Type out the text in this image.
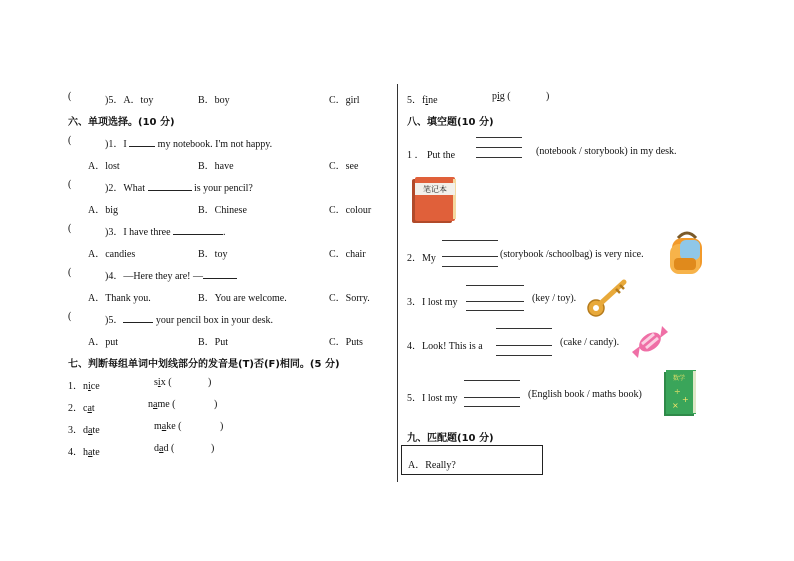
(	)5．A．toy	B．boy	C．girl
六、单项选择。(10 分)
(	)1．I	my notebook. I'm not happy.
A．lost	B．have	C．see
(	)2．What	is your pencil?
A．big	B．Chinese	C．colour
(	)3．I have three	.
A．candies	B．toy	C．chair
(	)4．—Here they are! —
A．Thank you.	B．You are welcome.	C．Sorry.
(	)5．	your pencil box in your desk.
A．put	B．Put	C．Puts
七、判断每组单词中划线部分的发音是(T)否(F)相同。(5 分)
1．nice	six (	)
2．cat	name (	)
3．date	make (	)
4．hate	dad (	)
5．fine	pig (	)
八、填空题(10 分)
1 ． Put the	(notebook / storybook) in my desk.
笔记本
2．My	(storybook /schoolbag) is very nice.
3．I lost my	(key / toy).
4．Look! This is a	(cake / candy).
5．I lost my	(English book / maths book)
数学
÷
+
×
九、匹配题(10 分)
A．Really?
